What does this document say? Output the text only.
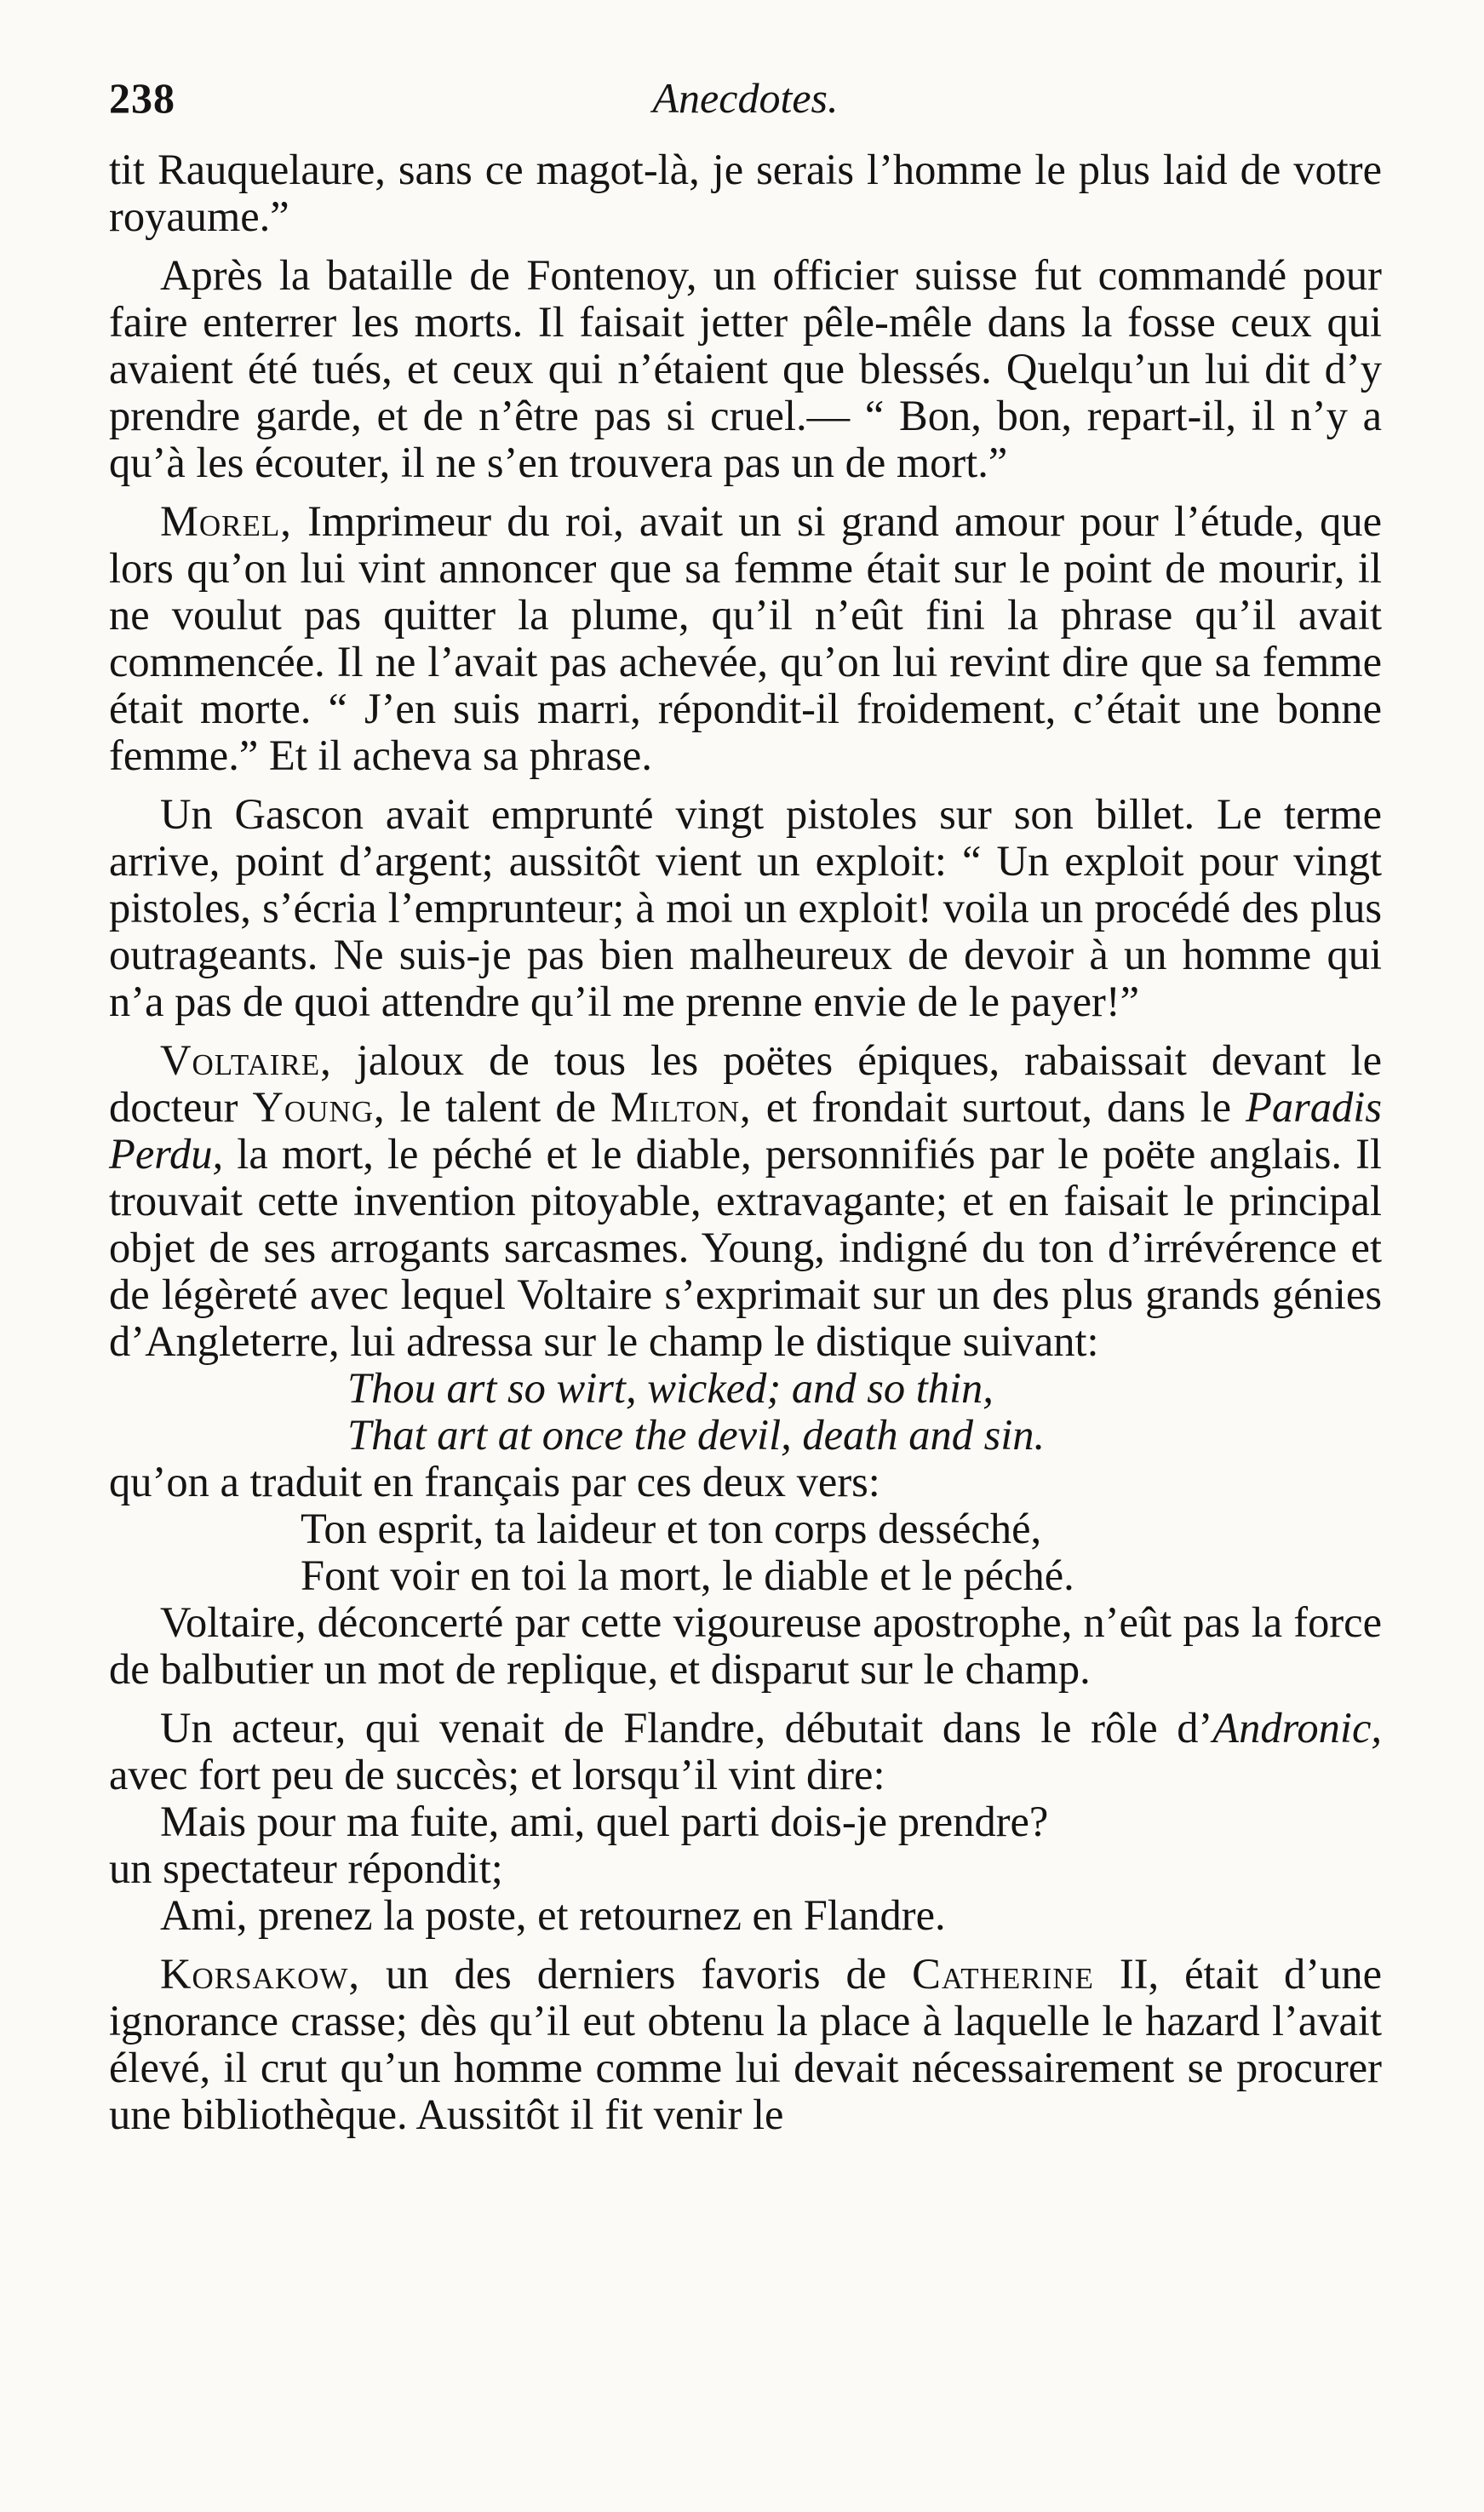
238	Anecdotes.

tit Rauquelaure, sans ce magot-là, je serais l’homme le plus laid de votre royaume.”

Après la bataille de Fontenoy, un officier suisse fut commandé pour faire enterrer les morts. Il faisait jetter pêle-mêle dans la fosse ceux qui avaient été tués, et ceux qui n’étaient que blessés. Quelqu’un lui dit d’y prendre garde, et de n’être pas si cruel.— “ Bon, bon, repart-il, il n’y a qu’à les écouter, il ne s’en trouvera pas un de mort.”

Morel, Imprimeur du roi, avait un si grand amour pour l’étude, que lors qu’on lui vint annoncer que sa femme était sur le point de mourir, il ne voulut pas quitter la plume, qu’il n’eût fini la phrase qu’il avait commencée. Il ne l’avait pas achevée, qu’on lui revint dire que sa femme était morte. “ J’en suis marri, répondit-il froidement, c’était une bonne femme.” Et il acheva sa phrase.

Un Gascon avait emprunté vingt pistoles sur son billet. Le terme arrive, point d’argent; aussitôt vient un exploit: “ Un exploit pour vingt pistoles, s’écria l’emprunteur; à moi un exploit! voila un procédé des plus outrageants. Ne suis-je pas bien malheureux de devoir à un homme qui n’a pas de quoi attendre qu’il me prenne envie de le payer!”

Voltaire, jaloux de tous les poëtes épiques, rabaissait devant le docteur Young, le talent de Milton, et frondait surtout, dans le Paradis Perdu, la mort, le péché et le diable, personnifiés par le poëte anglais. Il trouvait cette invention pitoyable, extravagante; et en faisait le principal objet de ses arrogants sarcasmes. Young, indigné du ton d’irrévérence et de légèreté avec lequel Voltaire s’exprimait sur un des plus grands génies d’Angleterre, lui adressa sur le champ le distique suivant:

Thou art so wirt, wicked; and so thin,

That art at once the devil, death and sin.

qu’on a traduit en français par ces deux vers:

Ton esprit, ta laideur et ton corps desséché,

Font voir en toi la mort, le diable et le péché.

Voltaire, déconcerté par cette vigoureuse apostrophe, n’eût pas la force de balbutier un mot de replique, et disparut sur le champ.

Un acteur, qui venait de Flandre, débutait dans le rôle d’Andronic, avec fort peu de succès; et lorsqu’il vint dire:

Mais pour ma fuite, ami, quel parti dois-je prendre?

un spectateur répondit;

Ami, prenez la poste, et retournez en Flandre.

Korsakow, un des derniers favoris de Catherine II, était d’une ignorance crasse; dès qu’il eut obtenu la place à laquelle le hazard l’avait élevé, il crut qu’un homme comme lui devait nécessairement se procurer une bibliothèque. Aussitôt il fit venir le
